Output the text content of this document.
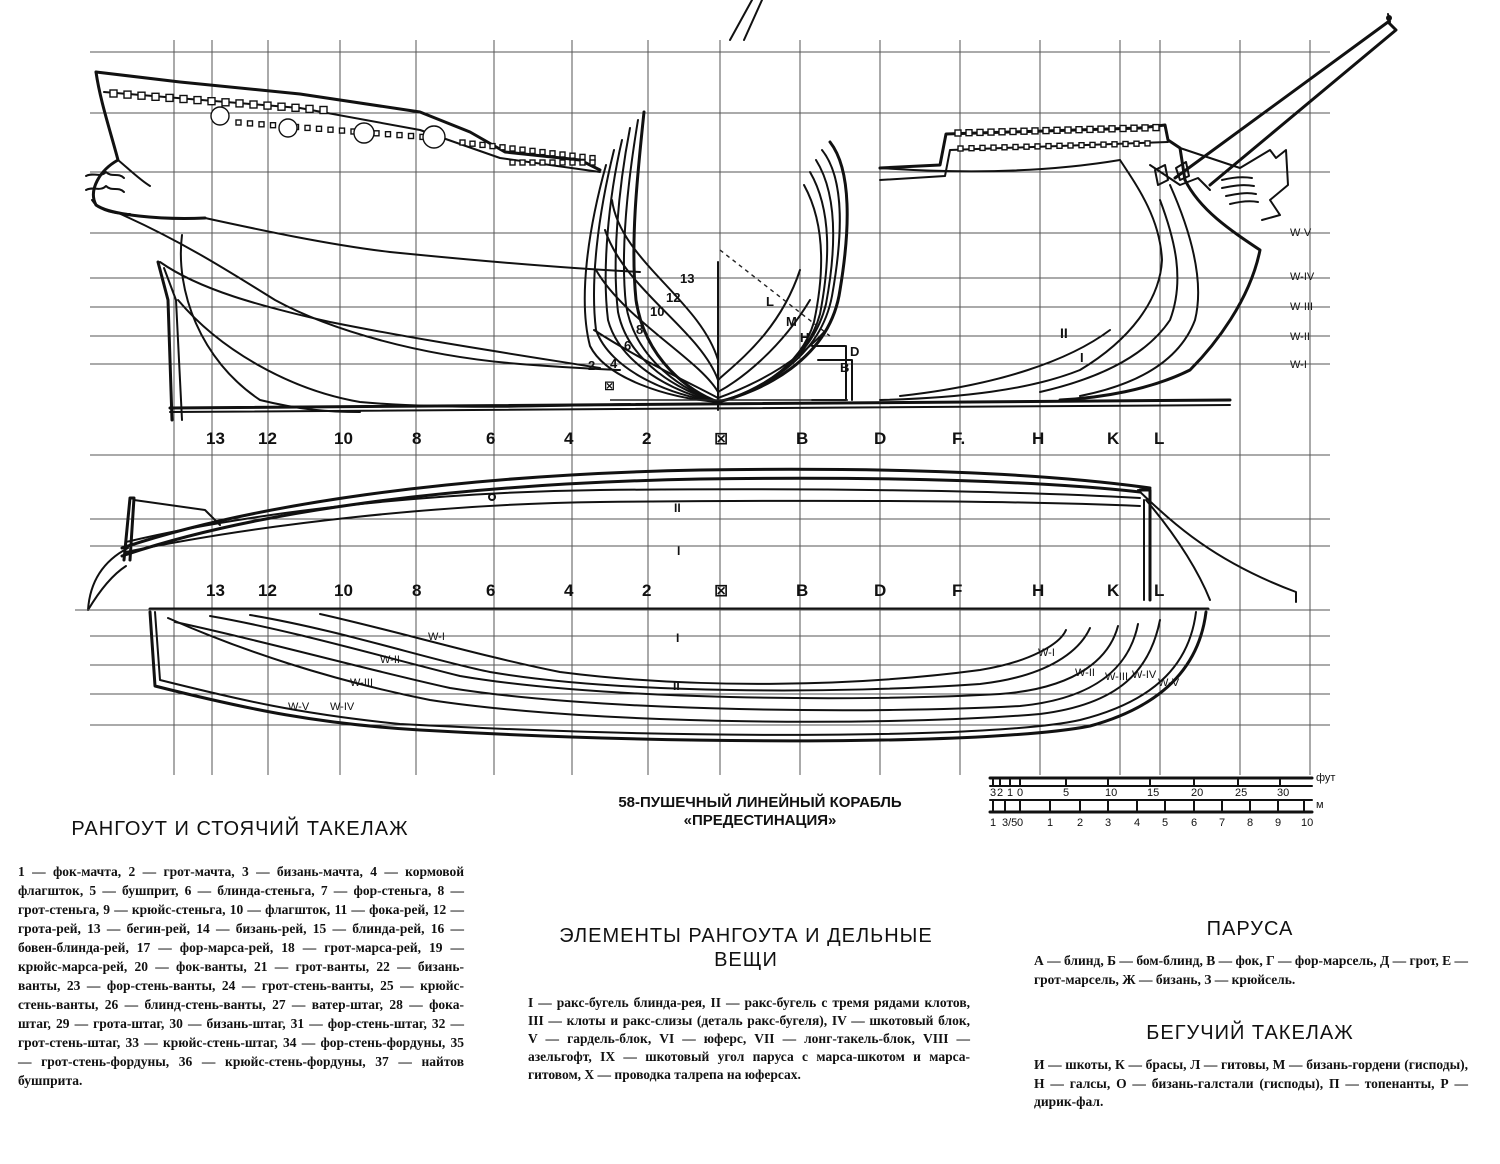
W-V
W-IV
W-III
W-II
W-I
II
I
13
12
10
8
6
4
2
⊠
L
M
H
D
B
13 12	10	8	6	4	2	⊠	B	D	F.	H	K L
II
I
13 12	10	8	6	4	2	⊠	B	D	F	H	K L
W-I
W-II
W-III
W-IV
W-V
W-I
W-II W-III W-IV
W-V
I
II
3 2 1 0	5	10	15	20	25	30
1 3/5 0 1 2 3 4 5 6 7 8 9 10
фут
м
58-ПУШЕЧНЫЙ ЛИНЕЙНЫЙ КОРАБЛЬ
«ПРЕДЕСТИНАЦИЯ»
РАНГОУТ И СТОЯЧИЙ ТАКЕЛАЖ
1 — фок-мачта, 2 — грот-мачта, 3 — бизань-мачта, 4 — кормовой флагшток, 5 — бушприт, 6 — блинда-стеньга, 7 — фор-стеньга, 8 — грот-стеньга, 9 — крюйс-стеньга, 10 — флагшток, 11 — фока-рей, 12 — грота-рей, 13 — бегин-рей, 14 — бизань-рей, 15 — блинда-рей, 16 — бовен-блинда-рей, 17 — фор-марса-рей, 18 — грот-марса-рей, 19 — крюйс-марса-рей, 20 — фок-ванты, 21 — грот-ванты, 22 — бизань-ванты, 23 — фор-стень-ванты, 24 — грот-стень-ванты, 25 — крюйс-стень-ванты, 26 — блинд-стень-ванты, 27 — ватер-штаг, 28 — фока-штаг, 29 — грота-штаг, 30 — бизань-штаг, 31 — фор-стень-штаг, 32 — грот-стень-штаг, 33 — крюйс-стень-штаг, 34 — фор-стень-фордуны, 35 — грот-стень-фордуны, 36 — крюйс-стень-фордуны, 37 — найтов бушприта.
ЭЛЕМЕНТЫ РАНГОУТА И ДЕЛЬНЫЕ
ВЕЩИ
I — ракс-бугель блинда-рея, II — ракс-бугель с тремя рядами клотов, III — клоты и ракс-слизы (деталь ракс-бугеля), IV — шкотовый блок, V — гардель-блок, VI — юферс, VII — лонг-такель-блок, VIII — азельгофт, IX — шкотовый угол паруса с марса-шкотом и марса-гитовом, X — проводка талрепа на юферсах.
ПАРУСА
А — блинд, Б — бом-блинд, В — фок, Г — фор-марсель, Д — грот, Е — грот-марсель, Ж — бизань, З — крюйсель.
БЕГУЧИЙ ТАКЕЛАЖ
И — шкоты, К — брасы, Л — гитовы, М — бизань-гордени (гисподы), Н — галсы, О — бизань-галстали (гисподы), П — топенанты, Р — дирик-фал.
